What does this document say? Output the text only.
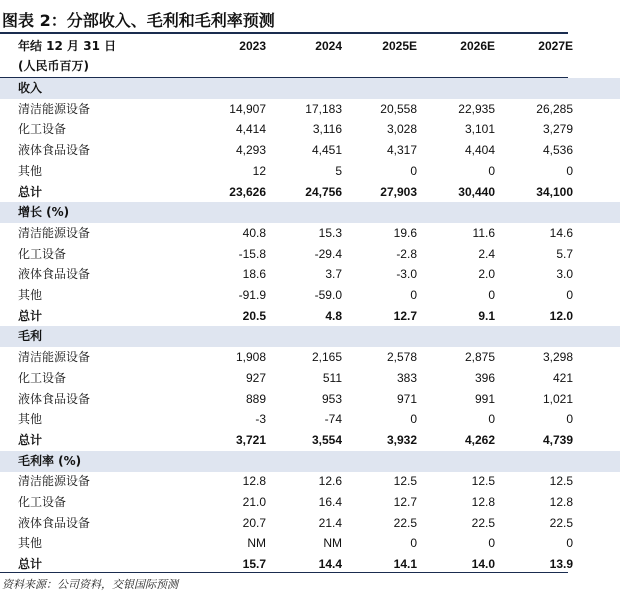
图表 2：分部收入、毛利和毛利率预测
年结 12 月 31 日	2023	2024	2025E	2026E	2027E
(人民币百万)
收入
清洁能源设备	14,907	17,183	20,558	22,935	26,285
化工设备	4,414	3,116	3,028	3,101	3,279
液体食品设备	4,293	4,451	4,317	4,404	4,536
其他	12	5	0	0	0
总计	23,626	24,756	27,903	30,440	34,100
增长 (%)
清洁能源设备	40.8	15.3	19.6	11.6	14.6
化工设备	-15.8	-29.4	-2.8	2.4	5.7
液体食品设备	18.6	3.7	-3.0	2.0	3.0
其他	-91.9	-59.0	0	0	0
总计	20.5	4.8	12.7	9.1	12.0
毛利
清洁能源设备	1,908	2,165	2,578	2,875	3,298
化工设备	927	511	383	396	421
液体食品设备	889	953	971	991	1,021
其他	-3	-74	0	0	0
总计	3,721	3,554	3,932	4,262	4,739
毛利率 (%)
清洁能源设备	12.8	12.6	12.5	12.5	12.5
化工设备	21.0	16.4	12.7	12.8	12.8
液体食品设备	20.7	21.4	22.5	22.5	22.5
其他	NM	NM	0	0	0
总计	15.7	14.4	14.1	14.0	13.9
资料来源：公司资料，交银国际预测
